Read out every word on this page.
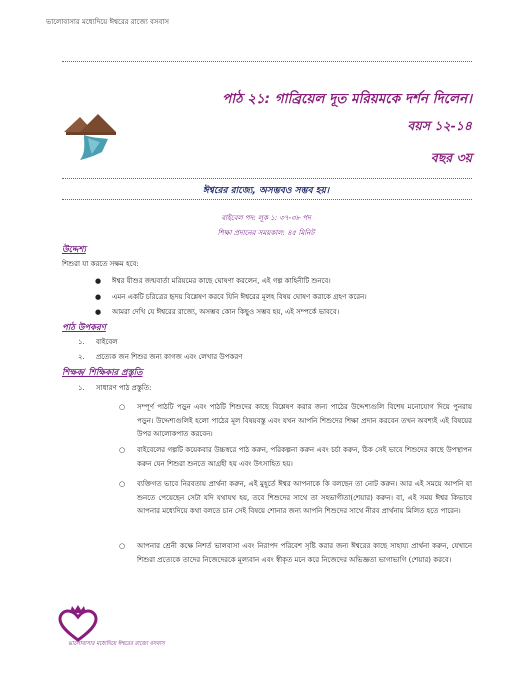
ভালোবাসার মধ্যেদিয়ে ঈশ্বরের রাজ্যে বসবাস
পাঠ ২১: গাব্রিয়েল দূত মরিয়মকে দর্শন দিলেন।
বয়স ১২-১৪
বছর ৩য়
ঈশ্বরের রাজ্যে, অসম্ভবও সম্ভব হয়।
বাইবেল পদ: লূক ১: ৩৭-৩৮ পদ
শিক্ষা প্রদানের সময়কাল: ৪৫ মিনিট
উদ্দেশ্য
শিশুরা যা করতে সক্ষম হবে:
● ঈশ্বর যীশুর জন্মবার্তা মরিয়মের কাছে ঘোষণা করলেন, এই গল্প কাহিনীটি শুনবে।
● এমন একটি চরিত্রের হৃদয় বিশ্লেষণ করবে যিনি ঈশ্বরের মূলহ বিষয় ঘোষণ করাকে গ্রহণ করেন।
● আমরা দেখি যে ঈশ্বরের রাজ্যে, অসম্ভব কোন কিছুও সম্ভব হয়, এই সম্পর্কে ভাববে।
পাঠ উপকরণ
১. বাইবেল
২. প্রত্যেক জন শিশুর জন্য কাগজ এবং লেখার উপকরণ
শিক্ষক/ শিক্ষিকার প্রস্তুতি
১. সাধারণ পাঠ প্রস্তুতি:
○ সম্পূর্ণ পাঠটি পড়ুন এবং পাঠটি শিশুদের কাছে বিশ্লেষণ করার জন্য পাঠের উদ্দেশ্যগুলি বিশেষ মনোযোগ দিয়ে পুনরায় পড়ুন। উদ্দেশ্যগুলিই হলো পাঠের মূল বিষয়বস্তু এবং যখন আপনি শিশুদের শিক্ষা প্রদান করবেন তখন অবশ্যই এই বিষয়ের উপর আলোকপাত করবেন।
○ বাইবেলের গল্পটি কয়েকবার উচ্চস্বরে পাঠ করুন, পরিকল্পনা করুন এবং চর্চা করুন, ঠিক সেই ভাবে শিশুদের কাছে উপস্থাপন করুন যেন শিশুরা শুনতে আগ্রহী হয় এবং উৎসাহিত হয়।
○ ব্যক্তিগত ভাবে নিরবতায় প্রার্থনা করুন, এই মুহূর্তে ঈশ্বর আপনাকে কি বলছেন তা নোট করুন। আর এই সময়ে আপনি যা শুনতে পেয়েছেন সেটা যদি যথাযথ হয়, তবে শিশুদের সাথে তা সহভাগীতা(শেয়ার) করুন। বা, এই সময় ঈশ্বর কিভাবে আপনার মধ্যেদিয়ে কথা বলতে চান সেই বিষয়ে শোনার জন্য আপনি শিশুদের সাথে নীরব প্রার্থনায় মিলিত হতে পারেন।
○ আপনার শ্রেনী কক্ষে নিশর্ত ভালবাসা এবং নিরাপদ পরিবেশ সৃষ্টি করার জন্য ঈশ্বরের কাছে সাহায্য প্রার্থনা করুন, যেখানে শিশুরা প্রত্যেকে তাদের নিজেদেরকে মূল্যবান এবং স্বীকৃত মনে করে নিজেদের অভিজ্ঞতা ভাগাভাগি (শেয়ার) করবে।
ভালোবাসার মধ্যেদিয়ে ঈশ্বরের রাজ্যে বসবাস
